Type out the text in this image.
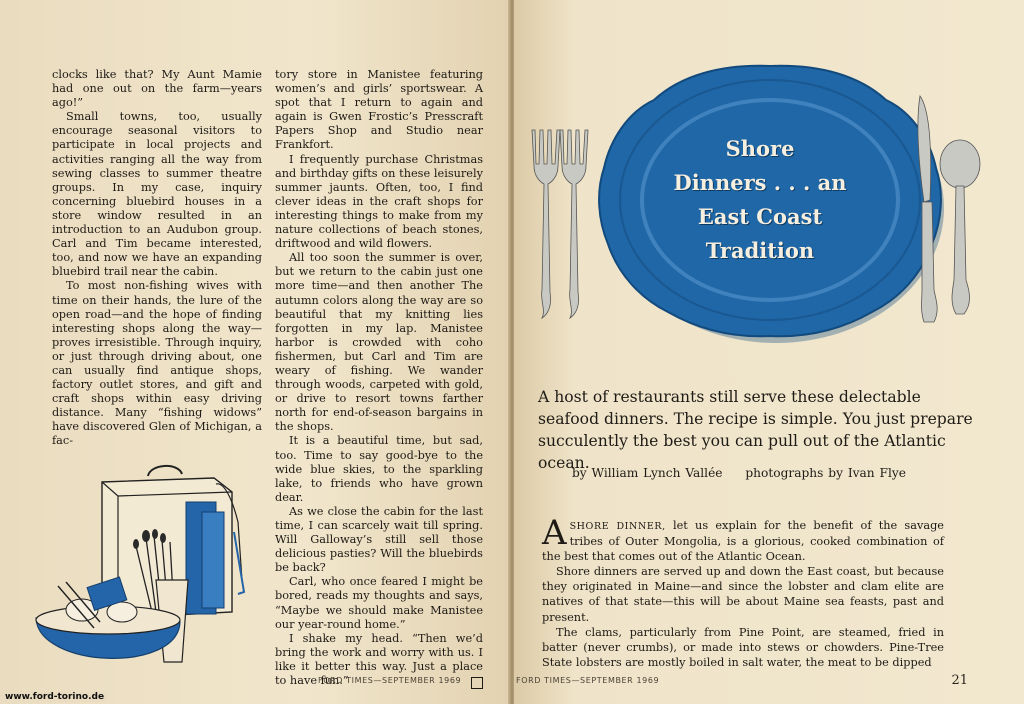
clocks like that? My Aunt Mamie had one out on the farm—years ago!”

Small towns, too, usually encourage seasonal visitors to participate in local projects and activities ranging all the way from sewing classes to summer theatre groups. In my case, inquiry concerning bluebird houses in a store window resulted in an introduction to an Audubon group. Carl and Tim became interested, too, and now we have an expanding bluebird trail near the cabin.

To most non-fishing wives with time on their hands, the lure of the open road—and the hope of finding interesting shops along the way—proves irresistible. Through inquiry, or just through driving about, one can usually find antique shops, factory outlet stores, and gift and craft shops within easy driving distance. Many “fishing widows” have discovered Glen of Michigan, a fac-

tory store in Manistee featuring women’s and girls’ sportswear. A spot that I return to again and again is Gwen Frostic’s Presscraft Papers Shop and Studio near Frankfort.

I frequently purchase Christmas and birthday gifts on these leisurely summer jaunts. Often, too, I find clever ideas in the craft shops for interesting things to make from my nature collections of beach stones, driftwood and wild flowers.

All too soon the summer is over, but we return to the cabin just one more time—and then another The autumn colors along the way are so beautiful that my knitting lies forgotten in my lap. Manistee harbor is crowded with coho fishermen, but Carl and Tim are weary of fishing. We wander through woods, carpeted with gold, or drive to resort towns farther north for end-of-season bargains in the shops.

It is a beautiful time, but sad, too. Time to say good-bye to the wide blue skies, to the sparkling lake, to friends who have grown dear.

As we close the cabin for the last time, I can scarcely wait till spring. Will Galloway’s still sell those delicious pasties? Will the bluebirds be back?

Carl, who once feared I might be bored, reads my thoughts and says, “Maybe we should make Manistee our year-round home.”

I shake my head. “Then we’d bring the work and worry with us. I like it better this way. Just a place to have fun.”

FORD TIMES—SEPTEMBER 1969
Shore
Dinners . . . an
East Coast
Tradition
A host of restaurants still serve these delectable seafood dinners. The recipe is simple. You just prepare succulently the best you can pull out of the Atlantic ocean.
by William Lynch Vallée photographs by Ivan Flye

ASHORE DINNER, let us explain for the benefit of the savage tribes of Outer Mongolia, is a glorious, cooked combination of the best that comes out of the Atlantic Ocean.

Shore dinners are served up and down the East coast, but because they originated in Maine—and since the lobster and clam elite are natives of that state—this will be about Maine sea feasts, past and present.

The clams, particularly from Pine Point, are steamed, fried in batter (never crumbs), or made into stews or chowders. Pine-Tree State lobsters are mostly boiled in salt water, the meat to be dipped

FORD TIMES—SEPTEMBER 1969	21
www.ford-torino.de
